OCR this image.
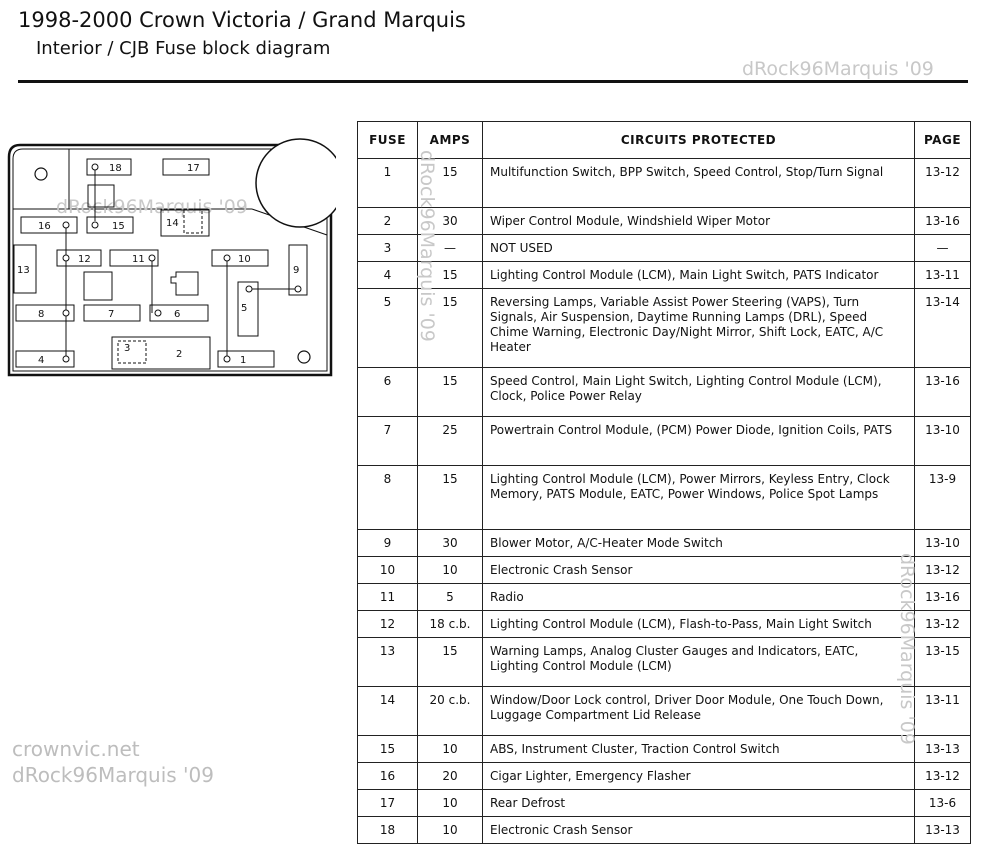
1998-2000 Crown Victoria / Grand Marquis
Interior / CJB Fuse block diagram
dRock96Marquis '09
dRock96Marquis '09
18	17
15	14
16
13
12	11	10
9
5
8	7	6
4
3
2
1
FUSE	AMPS	CIRCUITS PROTECTED	PAGE
1	15	Multifunction Switch, BPP Switch, Speed Control, Stop/Turn Signal	13-12
2	30	Wiper Control Module, Windshield Wiper Motor	13-16
3	—	NOT USED	—
4	15	Lighting Control Module (LCM), Main Light Switch, PATS Indicator	13-11
5	15	Reversing Lamps, Variable Assist Power Steering (VAPS), Turn Signals, Air Suspension, Daytime Running Lamps (DRL), Speed Chime Warning, Electronic Day/Night Mirror, Shift Lock, EATC, A/C Heater	13-14
6	15	Speed Control, Main Light Switch, Lighting Control Module (LCM), Clock, Police Power Relay	13-16
7	25	Powertrain Control Module, (PCM) Power Diode, Ignition Coils, PATS	13-10
8	15	Lighting Control Module (LCM), Power Mirrors, Keyless Entry, Clock Memory, PATS Module, EATC, Power Windows, Police Spot Lamps	13-9
9	30	Blower Motor, A/C-Heater Mode Switch	13-10
10	10	Electronic Crash Sensor	13-12
11	5	Radio	13-16
12	18 c.b.	Lighting Control Module (LCM), Flash-to-Pass, Main Light Switch	13-12
13	15	Warning Lamps, Analog Cluster Gauges and Indicators, EATC, Lighting Control Module (LCM)	13-15
14	20 c.b.	Window/Door Lock control, Driver Door Module, One Touch Down, Luggage Compartment Lid Release	13-11
15	10	ABS, Instrument Cluster, Traction Control Switch	13-13
16	20	Cigar Lighter, Emergency Flasher	13-12
17	10	Rear Defrost	13-6
18	10	Electronic Crash Sensor	13-13
dRock96Marquis '09
dRock96Marquis '09
crownvic.net
dRock96Marquis '09
